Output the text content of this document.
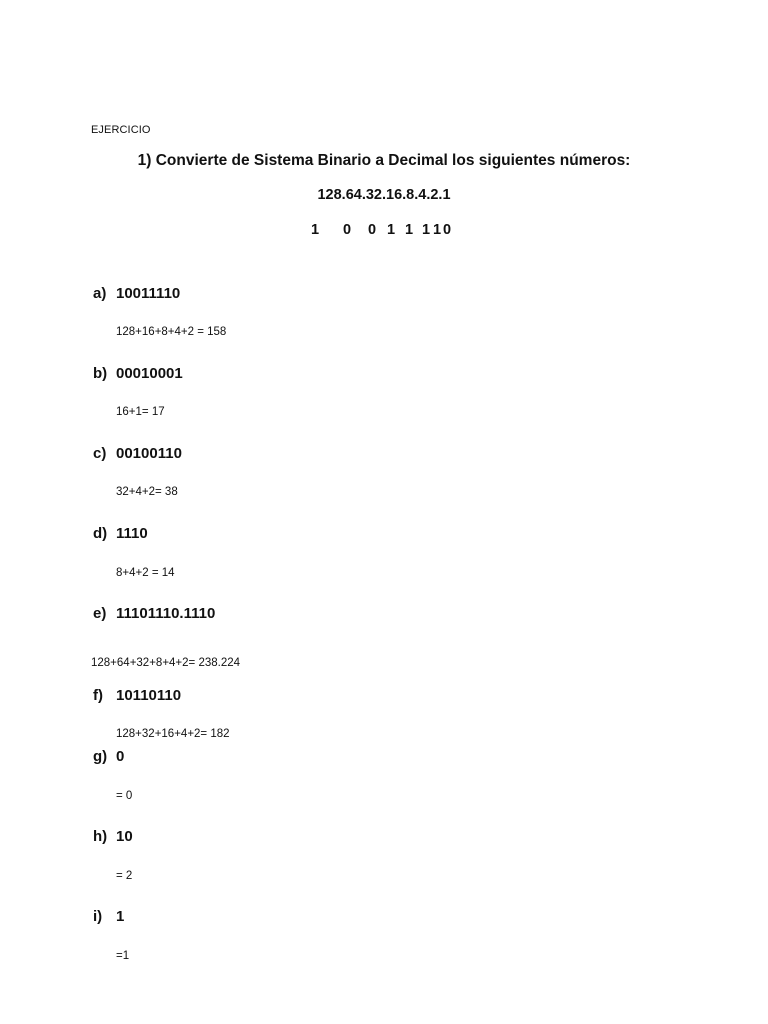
EJERCICIO
1) Convierte de Sistema Binario a Decimal los siguientes números:
128.64.32.16.8.4.2.1
1	0	0 1 1 1 1 0
a) 10011110
128+16+8+4+2 = 158
b) 00010001
16+1= 17
c) 00100110
32+4+2= 38
d) 1110
8+4+2 = 14
e) 11101110.1110
128+64+32+8+4+2= 238.224
f) 10110110
128+32+16+4+2= 182
g) 0
= 0
h) 10
= 2
i) 1
=1
